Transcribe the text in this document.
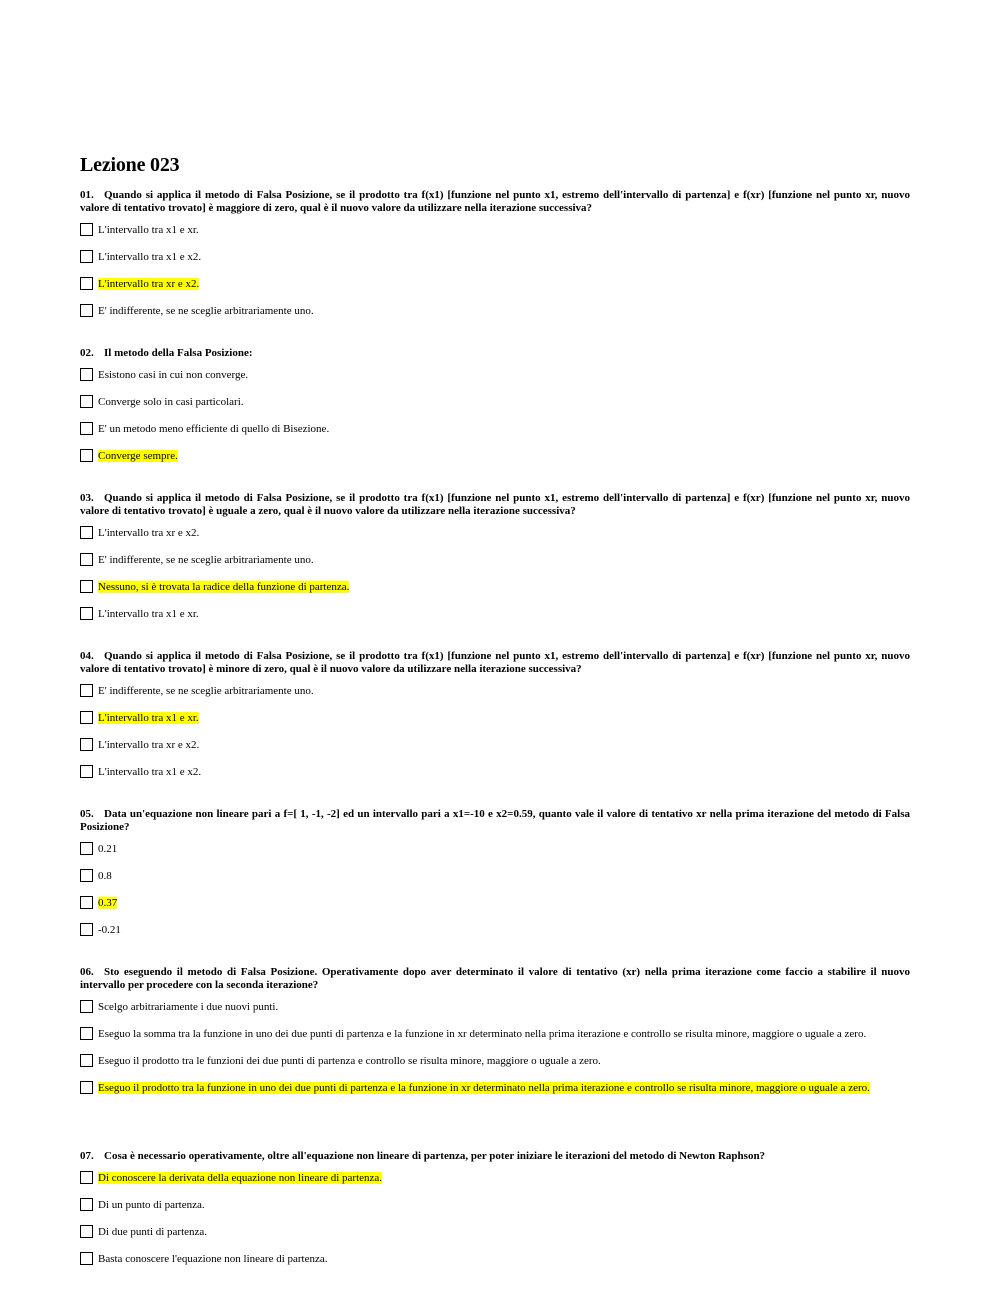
Lezione 023

01. Quando si applica il metodo di Falsa Posizione, se il prodotto tra f(x1) [funzione nel punto x1, estremo dell'intervallo di partenza] e f(xr) [funzione nel punto xr, nuovo valore di tentativo trovato] è maggiore di zero, qual è il nuovo valore da utilizzare nella iterazione successiva?

L'intervallo tra x1 e xr.
L'intervallo tra x1 e x2.
L'intervallo tra xr e x2.
E' indifferente, se ne sceglie arbitrariamente uno.

02. Il metodo della Falsa Posizione:

Esistono casi in cui non converge.
Converge solo in casi particolari.
E' un metodo meno efficiente di quello di Bisezione.
Converge sempre.

03. Quando si applica il metodo di Falsa Posizione, se il prodotto tra f(x1) [funzione nel punto x1, estremo dell'intervallo di partenza] e f(xr) [funzione nel punto xr, nuovo valore di tentativo trovato] è uguale a zero, qual è il nuovo valore da utilizzare nella iterazione successiva?

L'intervallo tra xr e x2.
E' indifferente, se ne sceglie arbitrariamente uno.
Nessuno, si è trovata la radice della funzione di partenza.
L'intervallo tra x1 e xr.

04. Quando si applica il metodo di Falsa Posizione, se il prodotto tra f(x1) [funzione nel punto x1, estremo dell'intervallo di partenza] e f(xr) [funzione nel punto xr, nuovo valore di tentativo trovato] è minore di zero, qual è il nuovo valore da utilizzare nella iterazione successiva?

E' indifferente, se ne sceglie arbitrariamente uno.
L'intervallo tra x1 e xr.
L'intervallo tra xr e x2.
L'intervallo tra x1 e x2.

05. Data un'equazione non lineare pari a f=[ 1, -1, -2] ed un intervallo pari a x1=-10 e x2=0.59, quanto vale il valore di tentativo xr nella prima iterazione del metodo di Falsa Posizione?

0.21
0.8
0.37
-0.21

06. Sto eseguendo il metodo di Falsa Posizione. Operativamente dopo aver determinato il valore di tentativo (xr) nella prima iterazione come faccio a stabilire il nuovo intervallo per procedere con la seconda iterazione?

Scelgo arbitrariamente i due nuovi punti.
Eseguo la somma tra la funzione in uno dei due punti di partenza e la funzione in xr determinato nella prima iterazione e controllo se risulta minore, maggiore o uguale a zero.
Eseguo il prodotto tra le funzioni dei due punti di partenza e controllo se risulta minore, maggiore o uguale a zero.
Eseguo il prodotto tra la funzione in uno dei due punti di partenza e la funzione in xr determinato nella prima iterazione e controllo se risulta minore, maggiore o uguale a zero.

07. Cosa è necessario operativamente, oltre all'equazione non lineare di partenza, per poter iniziare le iterazioni del metodo di Newton Raphson?

Di conoscere la derivata della equazione non lineare di partenza.
Di un punto di partenza.
Di due punti di partenza.
Basta conoscere l'equazione non lineare di partenza.
